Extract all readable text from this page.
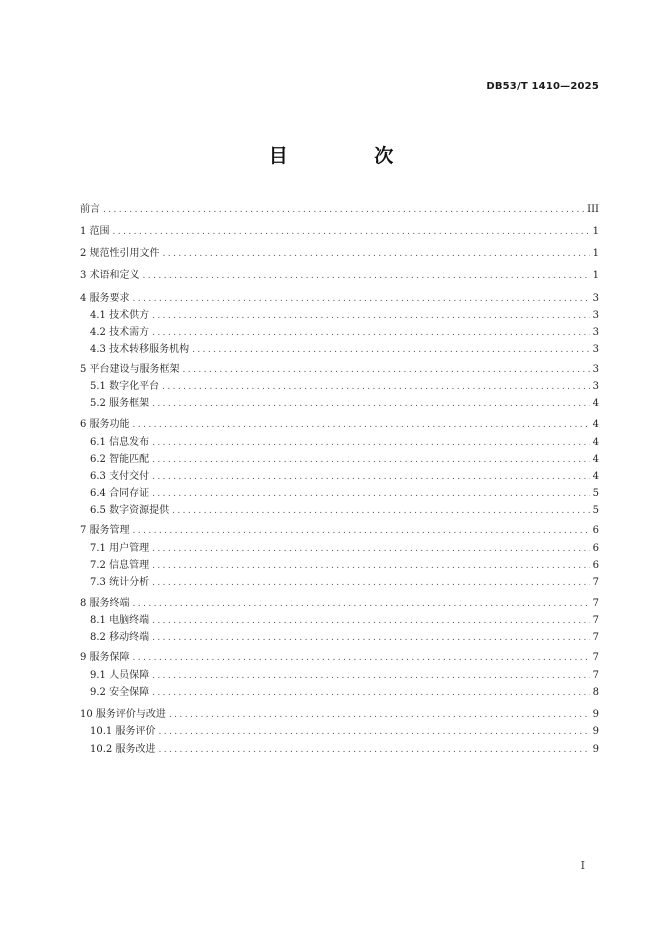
DB53/T 1410—2025
目 次
前言 .....	III
1 范围 .....	1
2 规范性引用文件 .....	1
3 术语和定义 .....	1
4 服务要求 .....	3
4.1 技术供方 .....	3
4.2 技术需方 .....	3
4.3 技术转移服务机构 .....	3
5 平台建设与服务框架 .....	3
5.1 数字化平台 .....	3
5.2 服务框架 .....	4
6 服务功能 .....	4
6.1 信息发布 .....	4
6.2 智能匹配 .....	4
6.3 支付交付 .....	4
6.4 合同存证 .....	5
6.5 数字资源提供 .....	5
7 服务管理 .....	6
7.1 用户管理 .....	6
7.2 信息管理 .....	6
7.3 统计分析 .....	7
8 服务终端 .....	7
8.1 电脑终端 .....	7
8.2 移动终端 .....	7
9 服务保障 .....	7
9.1 人员保障 .....	7
9.2 安全保障 .....	8
10 服务评价与改进 .....	9
10.1 服务评价 .....	9
10.2 服务改进 .....	9
I
